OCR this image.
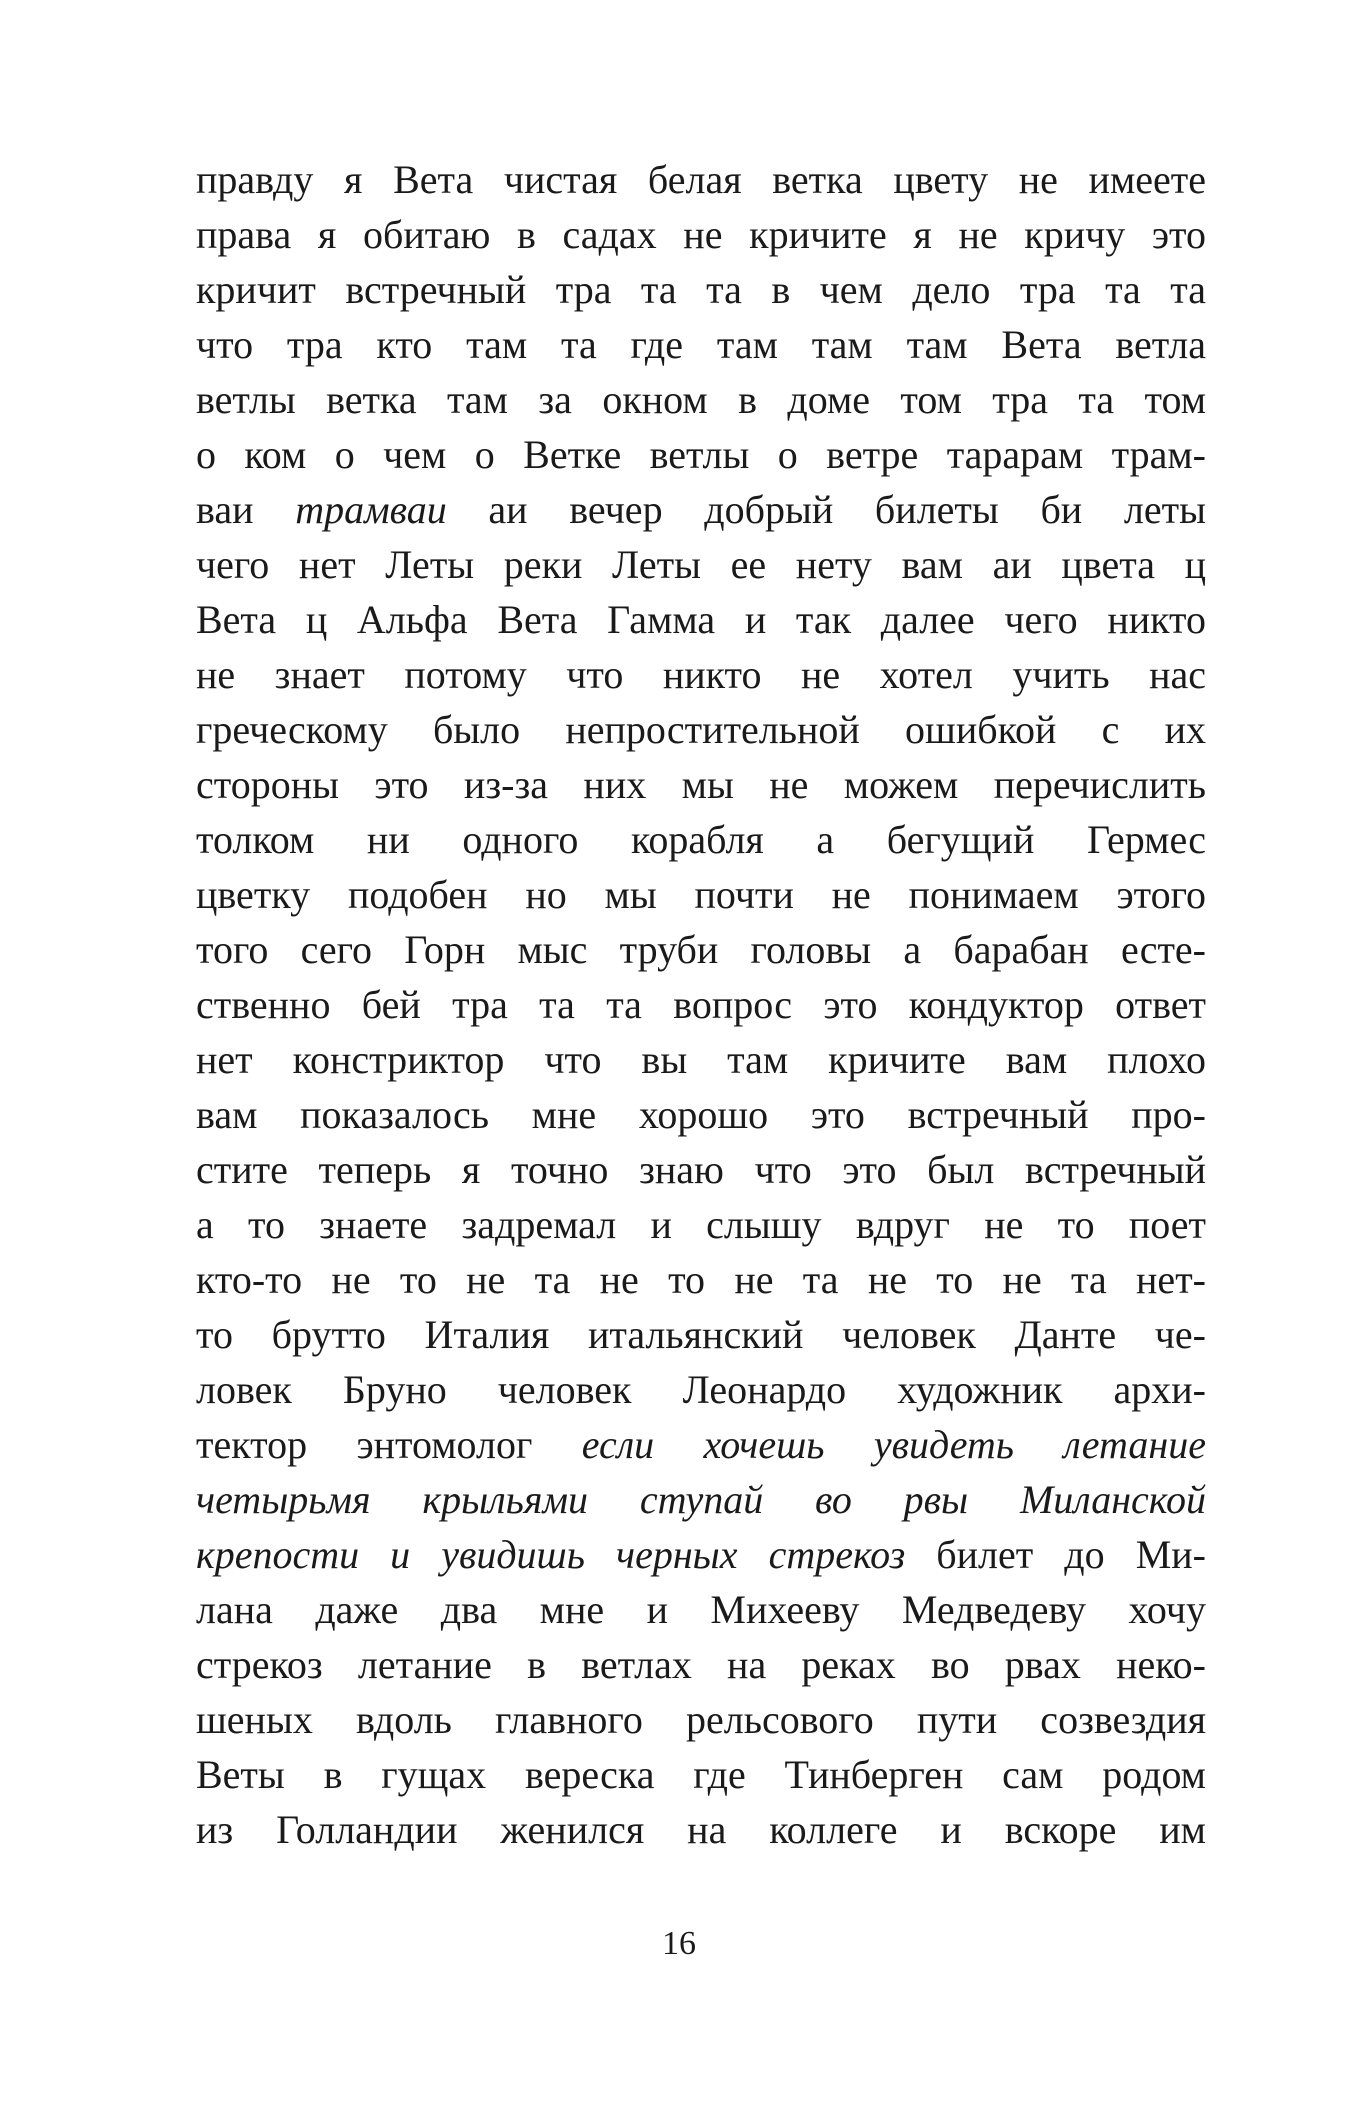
правду я Вета чистая белая ветка цвету не имеете
права я обитаю в садах не кричите я не кричу это
кричит встречный тра та та в чем дело тра та та
что тра кто там та где там там там Вета ветла
ветлы ветка там за окном в доме том тра та том
о ком о чем о Ветке ветлы о ветре тарарам трам-
ваи трамваи аи вечер добрый билеты би леты
чего нет Леты реки Леты ее нету вам аи цвета ц
Вета ц Альфа Вета Гамма и так далее чего никто
не знает потому что никто не хотел учить нас
греческому было непростительной ошибкой с их
стороны это из-за них мы не можем перечислить
толком ни одного корабля а бегущий Гермес
цветку подобен но мы почти не понимаем этого
того сего Горн мыс труби головы а барабан есте-
ственно бей тра та та вопрос это кондуктор ответ
нет констриктор что вы там кричите вам плохо
вам показалось мне хорошо это встречный про-
стите теперь я точно знаю что это был встречный
а то знаете задремал и слышу вдруг не то поет
кто-то не то не та не то не та не то не та нет-
то брутто Италия итальянский человек Данте че-
ловек Бруно человек Леонардо художник архи-
тектор энтомолог если хочешь увидеть летание
четырьмя крыльями ступай во рвы Миланской
крепости и увидишь черных стрекоз билет до Ми-
лана даже два мне и Михееву Медведеву хочу
стрекоз летание в ветлах на реках во рвах неко-
шеных вдоль главного рельсового пути созвездия
Веты в гущах вереска где Тинберген сам родом
из Голландии женился на коллеге и вскоре им
16
